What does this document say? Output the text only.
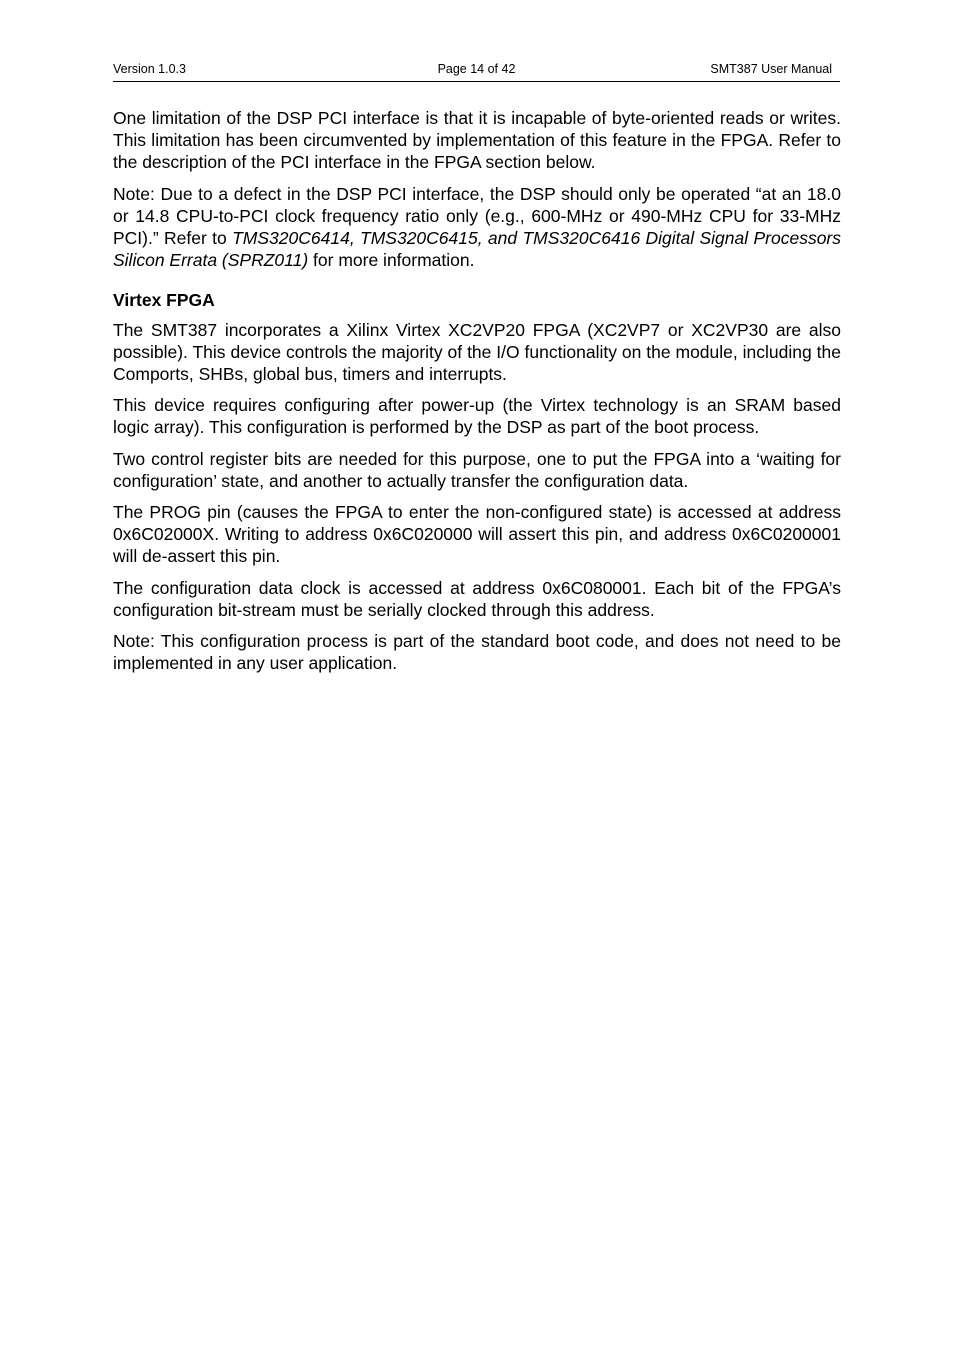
Version 1.0.3	Page 14 of 42	SMT387 User Manual

One limitation of the DSP PCI interface is that it is incapable of byte-oriented reads or writes. This limitation has been circumvented by implementation of this feature in the FPGA. Refer to the description of the PCI interface in the FPGA section below.

Note: Due to a defect in the DSP PCI interface, the DSP should only be operated “at an 18.0 or 14.8 CPU-to-PCI clock frequency ratio only (e.g., 600-MHz or 490-MHz CPU for 33-MHz PCI).” Refer to TMS320C6414, TMS320C6415, and TMS320C6416 Digital Signal Processors Silicon Errata (SPRZ011) for more information.

Virtex FPGA

The SMT387 incorporates a Xilinx Virtex XC2VP20 FPGA (XC2VP7 or XC2VP30 are also possible). This device controls the majority of the I/O functionality on the module, including the Comports, SHBs, global bus, timers and interrupts.

This device requires configuring after power-up (the Virtex technology is an SRAM based logic array). This configuration is performed by the DSP as part of the boot process.

Two control register bits are needed for this purpose, one to put the FPGA into a ‘waiting for configuration’ state, and another to actually transfer the configuration data.

The PROG pin (causes the FPGA to enter the non-configured state) is accessed at address 0x6C02000X. Writing to address 0x6C020000 will assert this pin, and address 0x6C0200001 will de-assert this pin.

The configuration data clock is accessed at address 0x6C080001. Each bit of the FPGA’s configuration bit-stream must be serially clocked through this address.

Note: This configuration process is part of the standard boot code, and does not need to be implemented in any user application.
